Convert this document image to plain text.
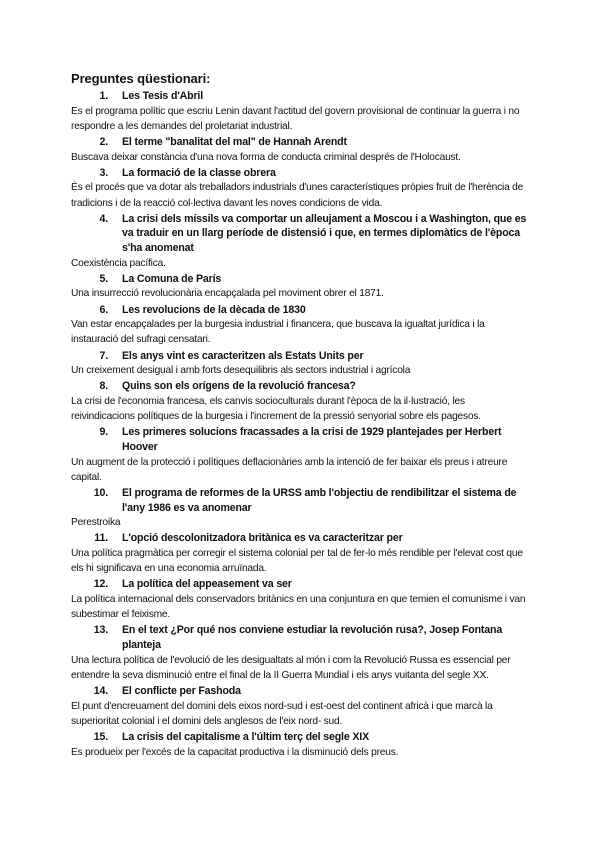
Preguntes qüestionari:

1.	Les Tesis d'Abril

Es el programa polític que escriu Lenin davant l'actitud del govern provisional de continuar la guerra i no respondre a les demandes del proletariat industrial.

2.	El terme "banalitat del mal" de Hannah Arendt

Buscava deixar constància d'una nova forma de conducta criminal després de l'Holocaust.

3.	La formació de la classe obrera

És el procés que va dotar als treballadors industrials d'unes característiques pròpies fruit de l'herència de tradicions i de la reacció col·lectiva davant les noves condicions de vida.

4.	La crisi dels míssils va comportar un alleujament a Moscou i a Washington, que es va traduir en un llarg període de distensió i que, en termes diplomàtics de l'època s'ha anomenat

Coexistència pacífica.

5.	La Comuna de París

Una insurrecció revolucionària encapçalada pel moviment obrer el 1871.

6.	Les revolucions de la dècada de 1830

Van estar encapçalades per la burgesia industrial i financera, que buscava la igualtat jurídica i la instauració del sufragi censatari.

7.	Els anys vint es caracteritzen als Estats Units per

Un creixement desigual i amb forts desequilibris als sectors industrial i agrícola

8.	Quins son els orígens de la revolució francesa?

La crisi de l'economia francesa, els canvis socioculturals durant l'època de la il·lustració, les reivindicacions polítiques de la burgesia i l'increment de la pressió senyorial sobre els pagesos.

9.	Les primeres solucions fracassades a la crisi de 1929 plantejades per Herbert Hoover

Un augment de la protecció i polítiques deflacionàries amb la intenció de fer baixar els preus i atreure capital.

10.	El programa de reformes de la URSS amb l'objectiu de rendibilitzar el sistema de l'any 1986 es va anomenar

Perestroika

11.	L'opció descolonitzadora britànica es va caracteritzar per

Una política pragmàtica per corregir el sistema colonial per tal de fer-lo més rendible per l'elevat cost que els hi significava en una economia arruïnada.

12.	La política del appeasement va ser

La política internacional dels conservadors britànics en una conjuntura en que temien el comunisme i van subestimar el feixisme.

13.	En el text ¿Por qué nos conviene estudiar la revolución rusa?, Josep Fontana planteja

Una lectura política de l'evolució de les desigualtats al món i com la Revolució Russa es essencial per entendre la seva disminució entre el final de la II Guerra Mundial i els anys vuitanta del segle XX.

14.	El conflicte per Fashoda

El punt d'encreuament del domini dels eixos nord-sud i est-oest del continent africà i que marcà la superioritat colonial i el domini dels anglesos de l'eix nord- sud.

15.	La crisis del capitalisme a l'últim terç del segle XIX

Es produeix per l'excés de la capacitat productiva i la disminució dels preus.
